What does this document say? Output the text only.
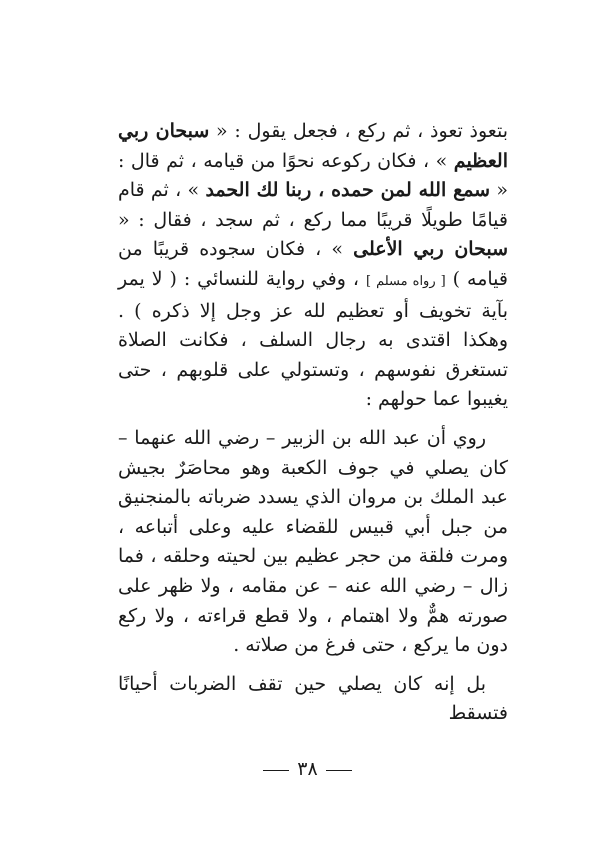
بتعوذ تعوذ ، ثم ركع ، فجعل يقول : « سبحان ربي العظيم » ، فكان ركوعه نحوًا من قيامه ، ثم قال : « سمع الله لمن حمده ، ربنا لك الحمد » ، ثم قام قيامًا طويلًا قريبًا مما ركع ، ثم سجد ، فقال : « سبحان ربي الأعلى » ، فكان سجوده قريبًا من قيامه ) [ رواه مسلم ] ، وفي رواية للنسائي : ( لا يمر بآية تخويف أو تعظيم لله عز وجل إلا ذكره ) . وهكذا اقتدى به رجال السلف ، فكانت الصلاة تستغرق نفوسهم ، وتستولي على قلوبهم ، حتى يغيبوا عما حولهم :

روي أن عبد الله بن الزبير – رضي الله عنهما – كان يصلي في جوف الكعبة وهو محاصَرٌ بجيش عبد الملك بن مروان الذي يسدد ضرباته بالمنجنيق من جبل أبي قبيس للقضاء عليه وعلى أتباعه ، ومرت فلقة من حجر عظيم بين لحيته وحلقه ، فما زال – رضي الله عنه – عن مقامه ، ولا ظهر على صورته همٌّ ولا اهتمام ، ولا قطع قراءته ، ولا ركع دون ما يركع ، حتى فرغ من صلاته .

بل إنه كان يصلي حين تقف الضربات أحيانًا فتسقط

٣٨
